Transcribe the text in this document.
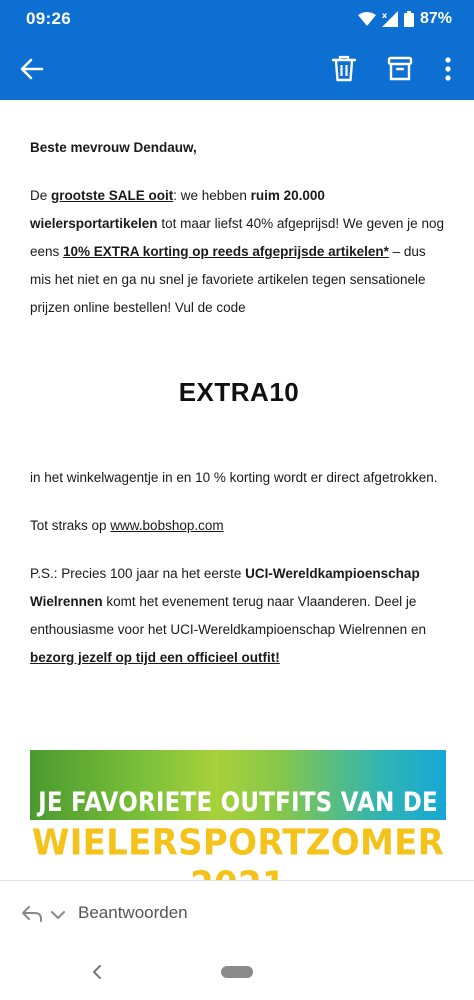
09:26	x 87%

Beste mevrouw Dendauw,

De grootste SALE ooit: we hebben ruim 20.000 wielersportartikelen tot maar liefst 40% afgeprijsd! We geven je nog eens 10% EXTRA korting op reeds afgeprijsde artikelen* – dus mis het niet en ga nu snel je favoriete artikelen tegen sensationele prijzen online bestellen! Vul de code

EXTRA10

in het winkelwagentje in en 10 % korting wordt er direct afgetrokken.

Tot straks op www.bobshop.com

P.S.: Precies 100 jaar na het eerste UCI-Wereldkampioenschap Wielrennen komt het evenement terug naar Vlaanderen. Deel je enthousiasme voor het UCI-Wereldkampioenschap Wielrennen en bezorg jezelf op tijd een officieel outfit!

JE FAVORIETE OUTFITS VAN DE
WIELERSPORTZOMER
Beantwoorden
